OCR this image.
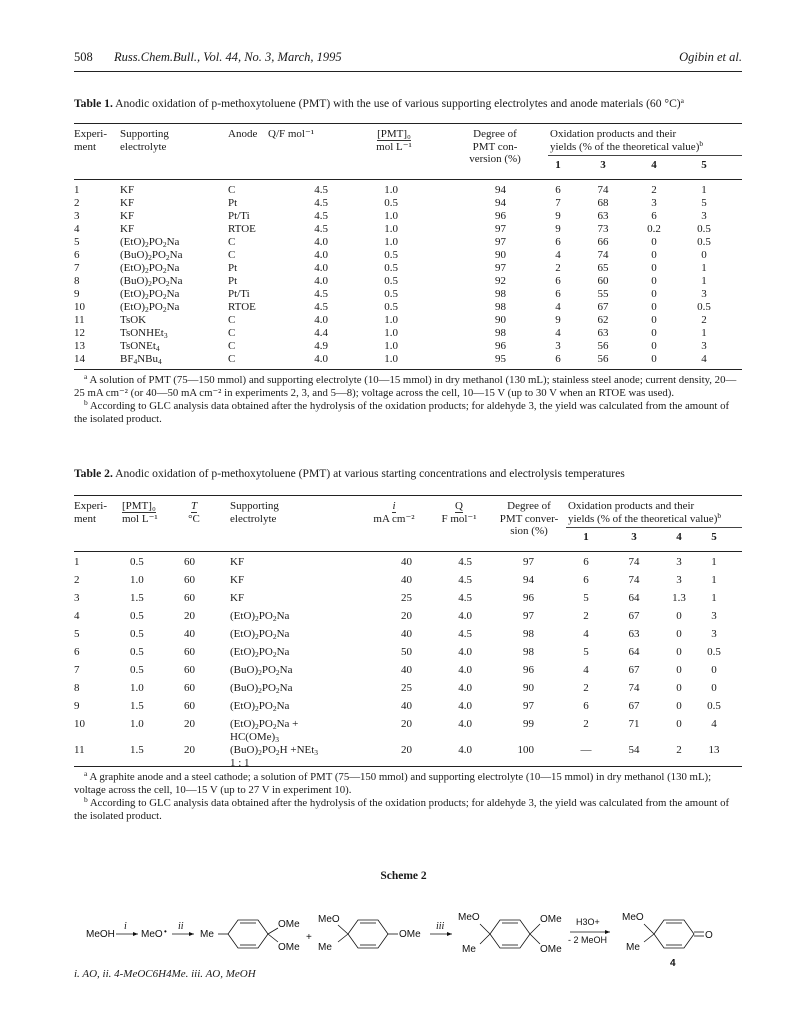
508 Russ.Chem.Bull., Vol. 44, No. 3, March, 1995	Ogibin et al.
Table 1. Anodic oxidation of p-methoxytoluene (PMT) with the use of various supporting electrolytes and anode materials (60 °C)$^a$
Experi-
ment
Supporting
electrolyte
Anode Q/F mol⁻¹	[PMT]₀
mol L⁻¹
Degree of
PMT con-
version (%)
Oxidation products and their
yields (% of the theoretical value)$^b$
1	3	4	5
1	KF	C	4.5	1.0	94	6	74	2	1
2	KF	Pt	4.5	0.5	94	7	68	3	5
3	KF	Pt/Ti	4.5	1.0	96	9	63	6	3
4	KF	RTOE	4.5	1.0	97	9	73	0.2	0.5
5	$(EtO)_2PO_2Na$	C	4.0	1.0	97	6	66	0	0.5
6	$(BuO)_2PO_2Na$	C	4.0	0.5	90	4	74	0	0
7	$(EtO)_2PO_2Na$	Pt	4.0	0.5	97	2	65	0	1
8	$(BuO)_2PO_2Na$	Pt	4.0	0.5	92	6	60	0	1
9	$(EtO)_2PO_2Na$	Pt/Ti	4.5	0.5	98	6	55	0	3
10	$(EtO)_2PO_2Na$	RTOE	4.5	0.5	98	4	67	0	0.5
11	TsOK	C	4.0	1.0	90	9	62	0	2
12	TsONHEt$_3$	C	4.4	1.0	98	4	63	0	1
13	TsONEt$_4$	C	4.9	1.0	96	3	56	0	3
14	$BF_4NBu_4$	C	4.0	1.0	95	6	56	0	4
$^a$ A solution of PMT (75—150 mmol) and supporting electrolyte (10—15 mmol) in dry methanol (130 mL); stainless steel anode; current density, 20—25 mA cm⁻² (or 40—50 mA cm⁻² in experiments 2, 3, and 5—8); voltage across the cell, 10—15 V (up to 30 V when an RTOE was used).
$^b$ According to GLC analysis data obtained after the hydrolysis of the oxidation products; for aldehyde 3, the yield was calculated from the amount of the isolated product.
Table 2. Anodic oxidation of p-methoxytoluene (PMT) at various starting concentrations and electrolysis temperatures
Experi-
ment
[PMT]₀
mol L⁻¹
T
°C
Supporting
electrolyte
i
mA cm⁻²
Q
F mol⁻¹
Degree of
PMT conver-
sion (%)
Oxidation products and their
yields (% of the theoretical value)$^b$
1	3	4	5
1	0.5	60	KF	40	4.5	97	6	74	3	1
2	1.0	60	KF	40	4.5	94	6	74	3	1
3	1.5	60	KF	25	4.5	96	5	64	1.3	1
4	0.5	20	$(EtO)_2PO_2Na$	20	4.0	97	2	67	0	3
5	0.5	40	$(EtO)_2PO_2Na$	40	4.5	98	4	63	0	3
6	0.5	60	$(EtO)_2PO_2Na$	50	4.0	98	5	64	0	0.5
7	0.5	60	$(BuO)_2PO_2Na$	40	4.0	96	4	67	0	0
8	1.0	60	$(BuO)_2PO_2Na$	25	4.0	90	2	74	0	0
9	1.5	60	$(EtO)_2PO_2Na$	40	4.0	97	6	67	0	0.5
10	1.0	20	$(EtO)_2PO_2Na$ +
$HC(OMe)_3$
20	4.0	99	2	71	0	4
11	1.5	20	$(BuO)_2PO_2H +NEt_3$
1 : 1
20	4.0	100	—	54	2	13
$^a$ A graphite anode and a steel cathode; a solution of PMT (75—150 mmol) and supporting electrolyte (10—15 mmol) in dry methanol (130 mL); voltage across the cell, 10—15 V (up to 27 V in experiment 10).
$^b$ According to GLC analysis data obtained after the hydrolysis of the oxidation products; for aldehyde 3, the yield was calculated from the amount of the isolated product.
Scheme 2
MeOH
i
MeO • ii
Me
OMe
OMe
+
MeO
Me
OMe
iii
MeO
Me
OMe
OMe
H3O+
- 2 MeOH
MeO
Me
O
4
i. AO, ii. 4-MeOC6H4Me. iii. AO, MeOH
